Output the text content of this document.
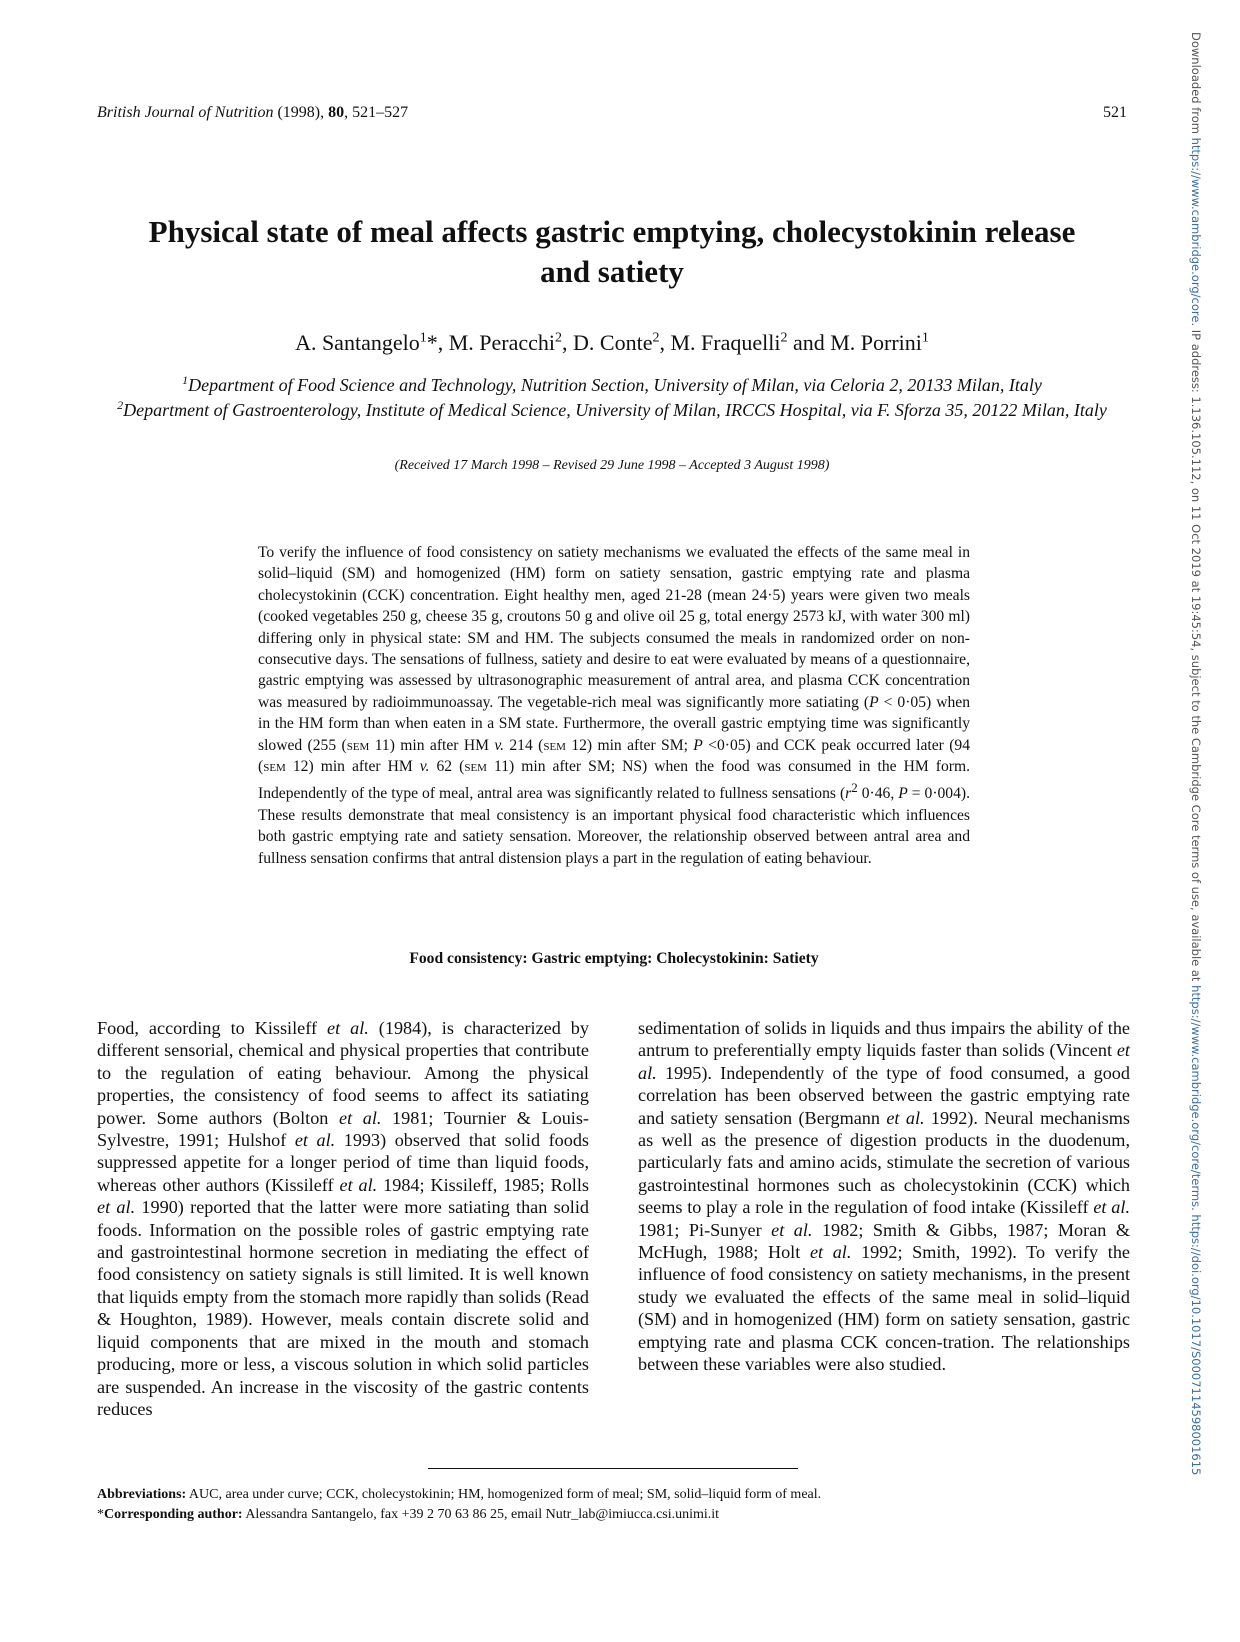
British Journal of Nutrition (1998), 80, 521–527	521
Physical state of meal affects gastric emptying, cholecystokinin release
and satiety
A. Santangelo$^1$*, M. Peracchi$^2$, D. Conte$^2$, M. Fraquelli$^2$ and M. Porrini$^1$
$^1$Department of Food Science and Technology, Nutrition Section, University of Milan, via Celoria 2, 20133 Milan, Italy
$^2$Department of Gastroenterology, Institute of Medical Science, University of Milan, IRCCS Hospital, via F. Sforza 35, 20122 Milan, Italy
(Received 17 March 1998 – Revised 29 June 1998 – Accepted 3 August 1998)
To verify the influence of food consistency on satiety mechanisms we evaluated the effects of the same meal in solid–liquid (SM) and homogenized (HM) form on satiety sensation, gastric emptying rate and plasma cholecystokinin (CCK) concentration. Eight healthy men, aged 21-28 (mean 24·5) years were given two meals (cooked vegetables 250 g, cheese 35 g, croutons 50 g and olive oil 25 g, total energy 2573 kJ, with water 300 ml) differing only in physical state: SM and HM. The subjects consumed the meals in randomized order on non-consecutive days. The sensations of fullness, satiety and desire to eat were evaluated by means of a questionnaire, gastric emptying was assessed by ultrasonographic measurement of antral area, and plasma CCK concentration was measured by radioimmunoassay. The vegetable-rich meal was significantly more satiating (P < 0·05) when in the HM form than when eaten in a SM state. Furthermore, the overall gastric emptying time was significantly slowed (255 (sem 11) min after HM v. 214 (sem 12) min after SM; P <0·05) and CCK peak occurred later (94 (sem 12) min after HM v. 62 (sem 11) min after SM; NS) when the food was consumed in the HM form. Independently of the type of meal, antral area was significantly related to fullness sensations ($r^2$ 0·46, P = 0·004). These results demonstrate that meal consistency is an important physical food characteristic which influences both gastric emptying rate and satiety sensation. Moreover, the relationship observed between antral area and fullness sensation confirms that antral distension plays a part in the regulation of eating behaviour.
Food consistency: Gastric emptying: Cholecystokinin: Satiety
Food, according to Kissileff et al. (1984), is characterized by different sensorial, chemical and physical properties that contribute to the regulation of eating behaviour. Among the physical properties, the consistency of food seems to affect its satiating power. Some authors (Bolton et al. 1981; Tournier & Louis-Sylvestre, 1991; Hulshof et al. 1993) observed that solid foods suppressed appetite for a longer period of time than liquid foods, whereas other authors (Kissileff et al. 1984; Kissileff, 1985; Rolls et al. 1990) reported that the latter were more satiating than solid foods. Information on the possible roles of gastric emptying rate and gastrointestinal hormone secretion in mediating the effect of food consistency on satiety signals is still limited. It is well known that liquids empty from the stomach more rapidly than solids (Read & Houghton, 1989). However, meals contain discrete solid and liquid components that are mixed in the mouth and stomach producing, more or less, a viscous solution in which solid particles are suspended. An increase in the viscosity of the gastric contents reduces
sedimentation of solids in liquids and thus impairs the ability of the antrum to preferentially empty liquids faster than solids (Vincent et al. 1995). Independently of the type of food consumed, a good correlation has been observed between the gastric emptying rate and satiety sensation (Bergmann et al. 1992). Neural mechanisms as well as the presence of digestion products in the duodenum, particularly fats and amino acids, stimulate the secretion of various gastrointestinal hormones such as cholecystokinin (CCK) which seems to play a role in the regulation of food intake (Kissileff et al. 1981; Pi-Sunyer et al. 1982; Smith & Gibbs, 1987; Moran & McHugh, 1988; Holt et al. 1992; Smith, 1992). To verify the influence of food consistency on satiety mechanisms, in the present study we evaluated the effects of the same meal in solid–liquid (SM) and in homogenized (HM) form on satiety sensation, gastric emptying rate and plasma CCK concen-tration. The relationships between these variables were also studied.
Abbreviations: AUC, area under curve; CCK, cholecystokinin; HM, homogenized form of meal; SM, solid–liquid form of meal.
*Corresponding author: Alessandra Santangelo, fax +39 2 70 63 86 25, email Nutr_lab@imiucca.csi.unimi.it
Downloaded from https://www.cambridge.org/core. IP address: 1.136.105.112, on 11 Oct 2019 at 19:45:54, subject to the Cambridge Core terms of use, available at https://www.cambridge.org/core/terms. https://doi.org/10.1017/S0007114598001615
